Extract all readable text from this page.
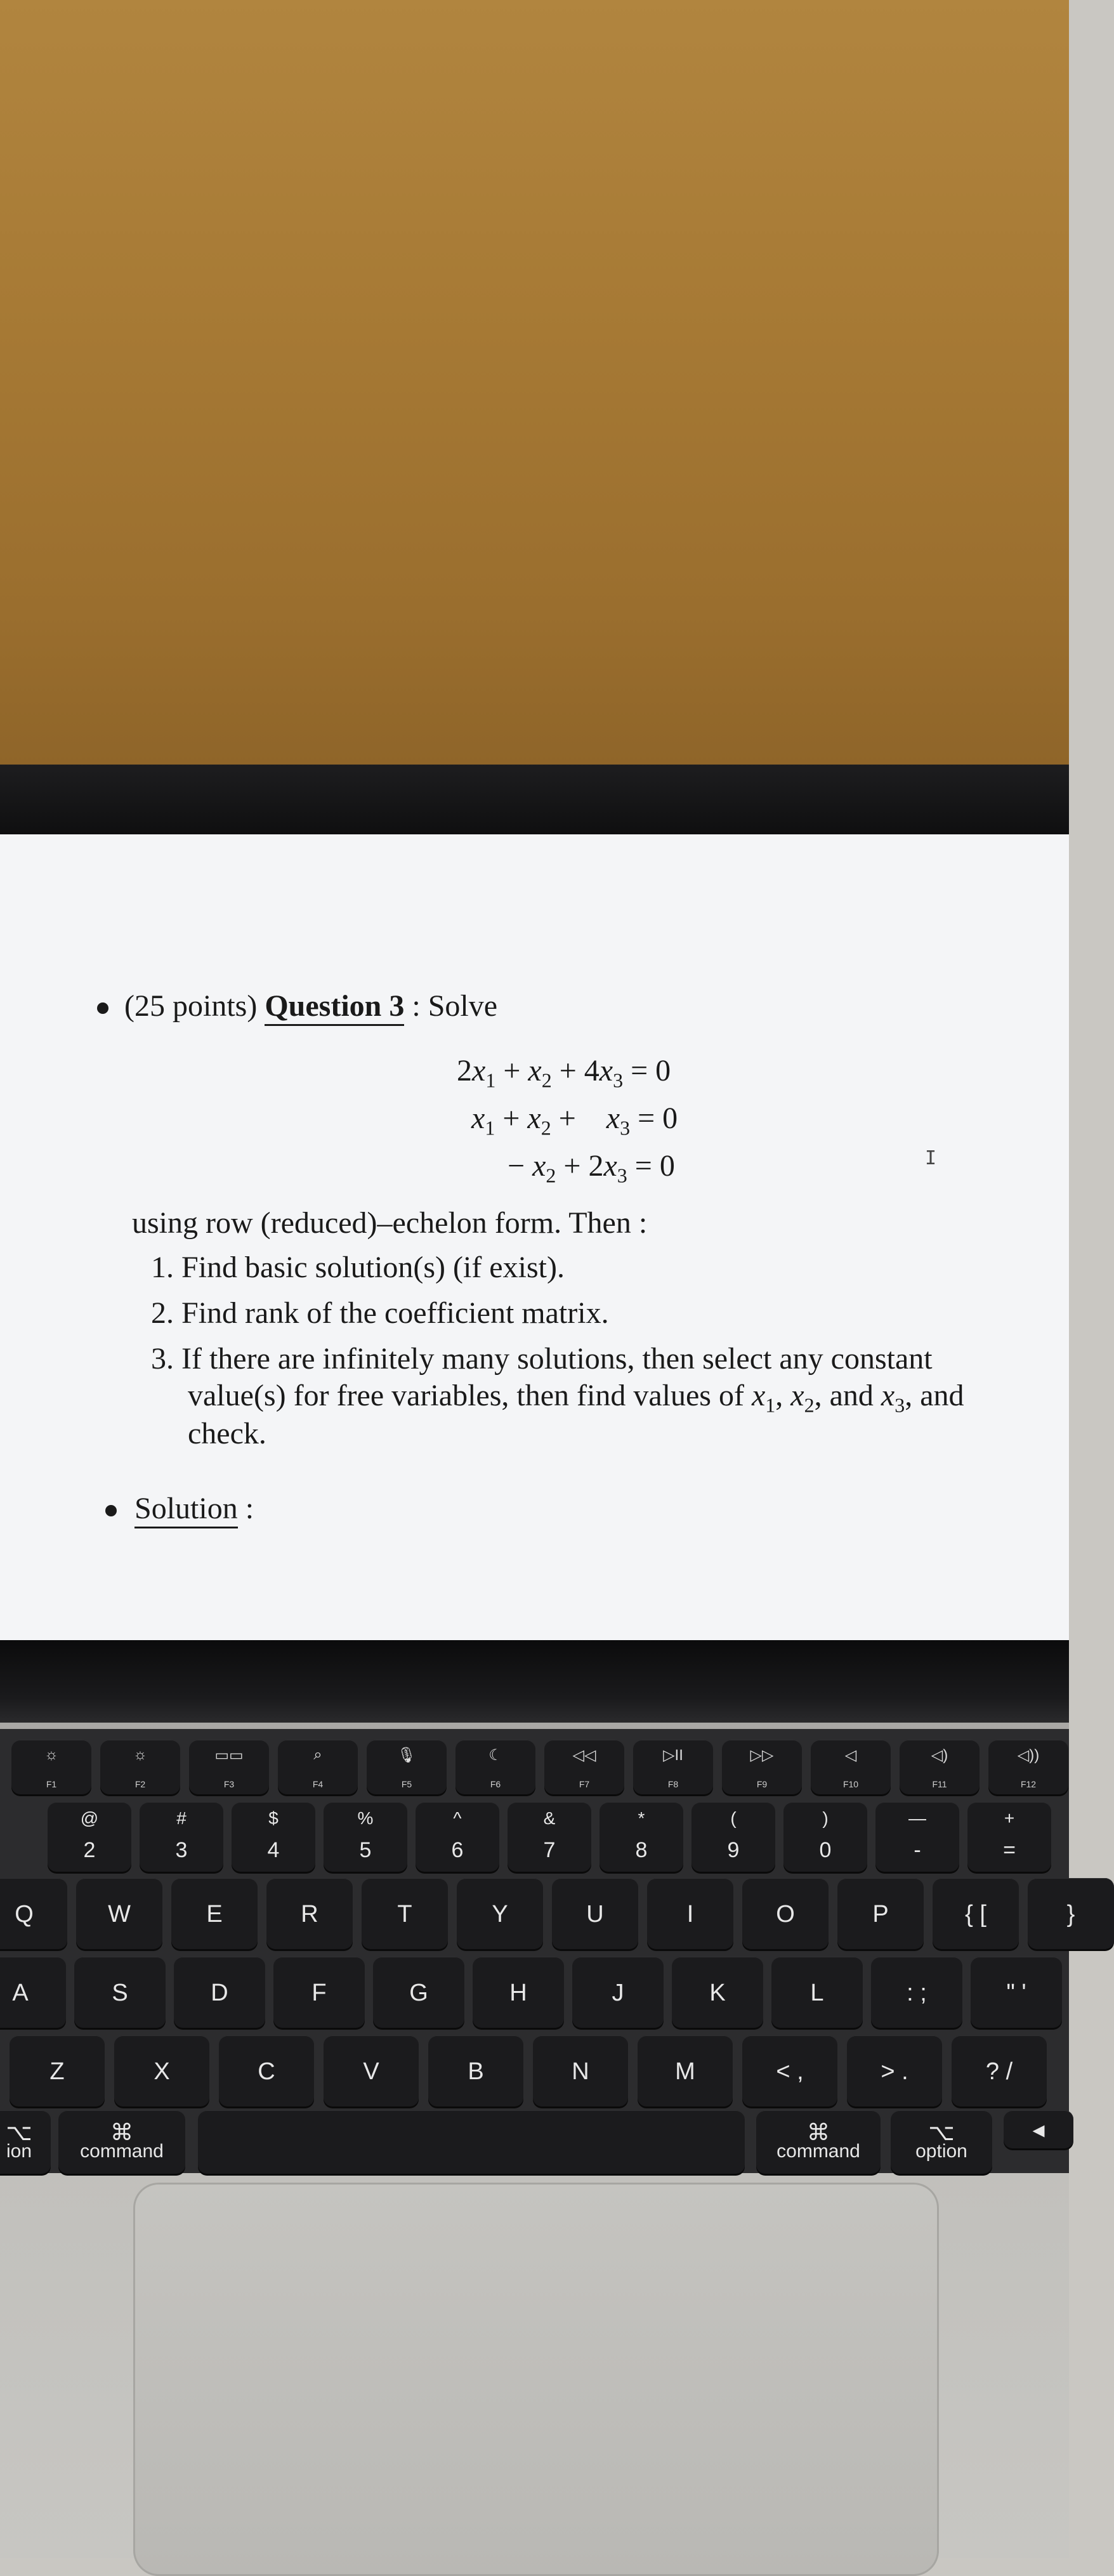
(25 points) Question 3 : Solve
$2x_1 + x_2 + 4x_3 = 0$
$x_1 + x_2 + x_3 = 0$
− $x_2 + 2x_3 = 0$	I
using row (reduced)–echelon form. Then :
1. Find basic solution(s) (if exist).
2. Find rank of the coefficient matrix.
3. If there are infinitely many solutions, then select any constant
value(s) for free variables, then find values of $x_1$, $x_2$, and $x_3$, and
check.
Solution :
☼
F1
☼
F2
▭▭
F3
⌕
F4
🎙
F5
☾
F6
◁◁
F7
▷II
F8
▷▷
F9
◁
F10
◁)
F11
◁))
F12
@
2
#
3
$
4
%
5
^
6
&
7
*
8
(
9
)
0
—
-
+
=
Q	W	E	R	T	Y	U	I	O	P	{ [	}
A	S	D	F	G	H	J	K	L	: ;	" '
Z	X	C	V	B	N	M	< ,	> .	? /
⌥
ion
⌘
command
⌘
command
⌥
option
◂
